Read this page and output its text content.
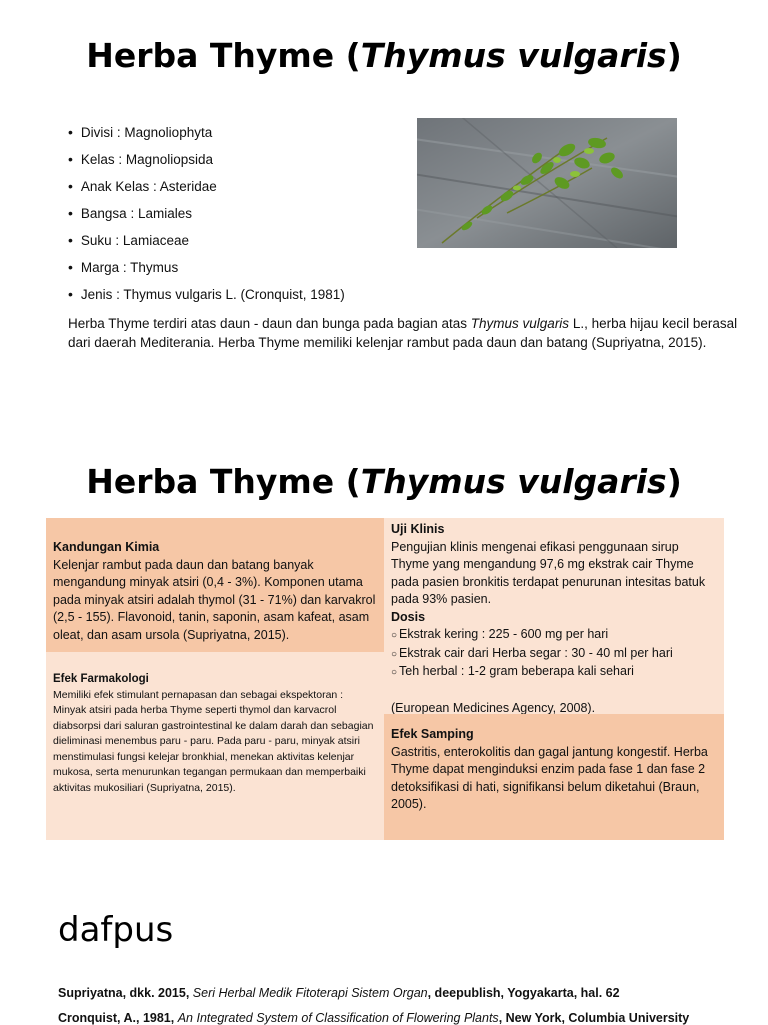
Herba Thyme (Thymus vulgaris)
• Divisi : Magnoliophyta
• Kelas : Magnoliopsida
• Anak Kelas : Asteridae
• Bangsa : Lamiales
• Suku : Lamiaceae
• Marga : Thymus
• Jenis : Thymus vulgaris L. (Cronquist, 1981)
Herba Thyme terdiri atas daun - daun dan bunga pada bagian atas Thymus vulgaris L., herba hijau kecil berasal dari daerah Mediterania. Herba Thyme memiliki kelenjar rambut pada daun dan batang (Supriyatna, 2015).
Herba Thyme (Thymus vulgaris)
Kandungan Kimia
Kelenjar rambut pada daun dan batang banyak mengandung minyak atsiri (0,4 - 3%). Komponen utama pada minyak atsiri adalah thymol (31 - 71%) dan karvakrol (2,5 - 155). Flavonoid, tanin, saponin, asam kafeat, asam oleat, dan asam ursola (Supriyatna, 2015).
Efek Farmakologi
Memiliki efek stimulant pernapasan dan sebagai ekspektoran : Minyak atsiri pada herba Thyme seperti thymol dan karvacrol diabsorpsi dari saluran gastrointestinal ke dalam darah dan sebagian dieliminasi menembus paru - paru. Pada paru - paru, minyak atsiri menstimulasi fungsi kelejar bronkhial, menekan aktivitas kelenjar mukosa, serta menurunkan tegangan permukaan dan memperbaiki aktivitas mukosiliari (Supriyatna, 2015).
Uji Klinis
Pengujian klinis mengenai efikasi penggunaan sirup Thyme yang mengandung 97,6 mg ekstrak cair Thyme pada pasien bronkitis terdapat penurunan intesitas batuk pada 93% pasien.
Dosis
○ Ekstrak kering : 225 - 600 mg per hari
○ Ekstrak cair dari Herba segar : 30 - 40 ml per hari
○ Teh herbal : 1-2 gram beberapa kali sehari
(European Medicines Agency, 2008).
Efek Samping
Gastritis, enterokolitis dan gagal jantung kongestif. Herba Thyme dapat menginduksi enzim pada fase 1 dan fase 2 detoksifikasi di hati, signifikansi belum diketahui (Braun, 2005).
dafpus
Supriyatna, dkk. 2015, Seri Herbal Medik Fitoterapi Sistem Organ, deepublish, Yogyakarta, hal. 62
Cronquist, A., 1981, An Integrated System of Classification of Flowering Plants, New York, Columbia University
